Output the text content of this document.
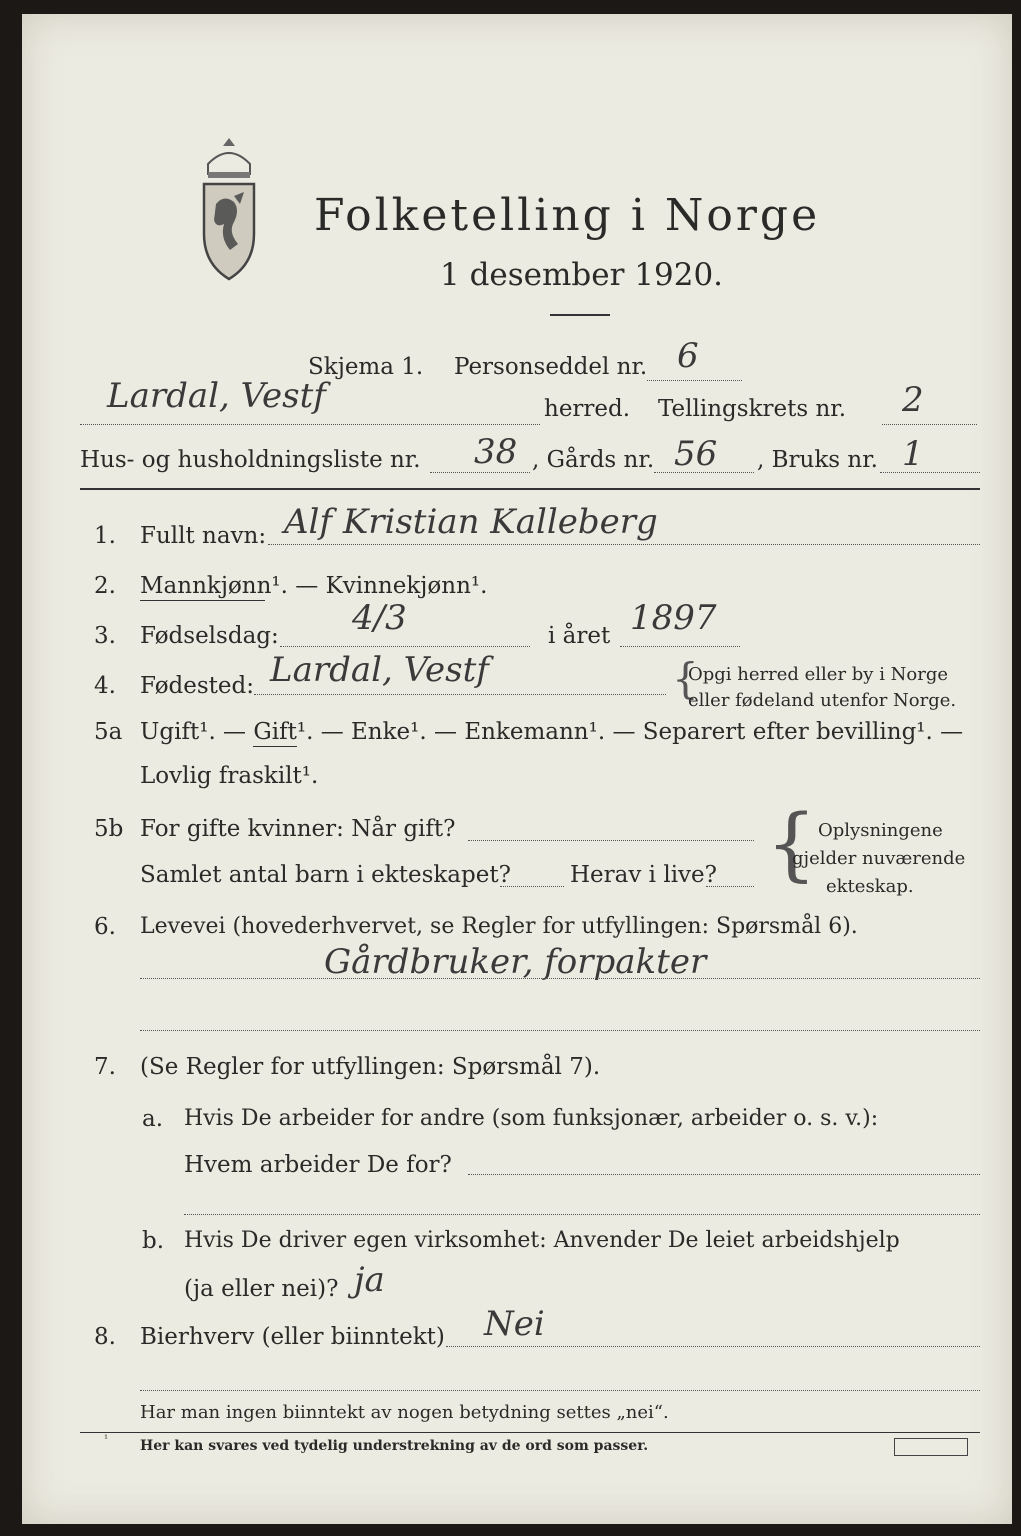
Folketelling i Norge
1 desember 1920.
Skjema 1. Personseddel nr. 6
Lardal, Vestf	herred. Tellingskrets nr. 2
Hus- og husholdningsliste nr. 38 , Gårds nr. 56 , Bruks nr. 1
1. Fullt navn: Alf Kristian Kalleberg
2. Mannkjønn¹. — Kvinnekjønn¹.
3. Fødselsdag: 4/3	i året 1897
4. Fødested: Lardal, Vestf	{
Opgi herred eller by i Norge
eller fødeland utenfor Norge.
5a Ugift¹. — Gift¹. — Enke¹. — Enkemann¹. — Separert efter bevilling¹. —
Lovlig fraskilt¹.
5b For gifte kvinner: Når gift?
Samlet antal barn i ekteskapet?	Herav i live? { Oplysningene
gjelder nuværende
ekteskap.
6. Levevei (hovederhvervet, se Regler for utfyllingen: Spørsmål 6).
Gårdbruker, forpakter
7. (Se Regler for utfyllingen: Spørsmål 7).
a. Hvis De arbeider for andre (som funksjonær, arbeider o. s. v.):
Hvem arbeider De for?
b. Hvis De driver egen virksomhet: Anvender De leiet arbeidshjelp
(ja eller nei)? ja
8. Bierhverv (eller biinntekt) Nei
Har man ingen biinntekt av nogen betydning settes „nei“.
¹ Her kan svares ved tydelig understrekning av de ord som passer.
